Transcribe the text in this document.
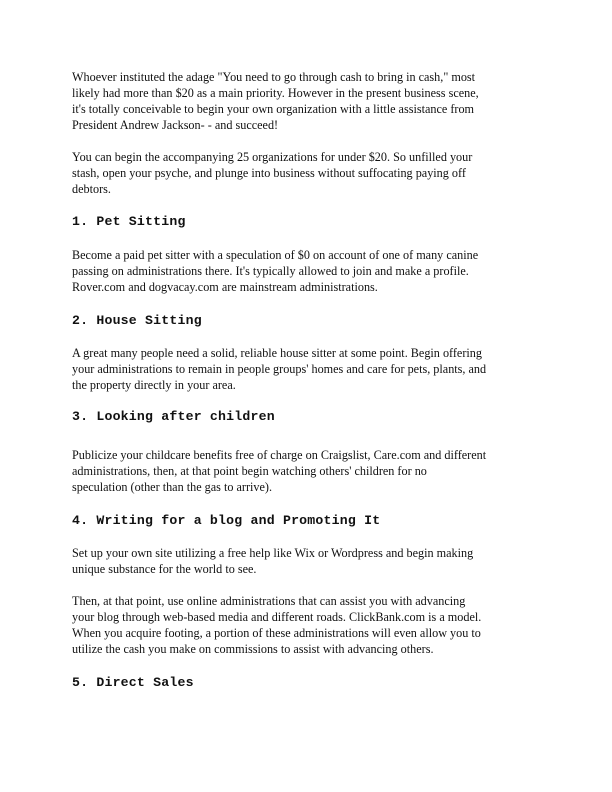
Whoever instituted the adage "You need to go through cash to bring in cash," most
likely had more than $20 as a main priority. However in the present business scene,
it's totally conceivable to begin your own organization with a little assistance from
President Andrew Jackson- - and succeed!

You can begin the accompanying 25 organizations for under $20. So unfilled your
stash, open your psyche, and plunge into business without suffocating paying off
debtors.

1. Pet Sitting

Become a paid pet sitter with a speculation of $0 on account of one of many canine
passing on administrations there. It's typically allowed to join and make a profile.
Rover.com and dogvacay.com are mainstream administrations.

2. House Sitting

A great many people need a solid, reliable house sitter at some point. Begin offering
your administrations to remain in people groups' homes and care for pets, plants, and
the property directly in your area.

3. Looking after children

Publicize your childcare benefits free of charge on Craigslist, Care.com and different
administrations, then, at that point begin watching others' children for no
speculation (other than the gas to arrive).

4. Writing for a blog and Promoting It

Set up your own site utilizing a free help like Wix or Wordpress and begin making
unique substance for the world to see.

Then, at that point, use online administrations that can assist you with advancing
your blog through web-based media and different roads. ClickBank.com is a model.
When you acquire footing, a portion of these administrations will even allow you to
utilize the cash you make on commissions to assist with advancing others.

5. Direct Sales
